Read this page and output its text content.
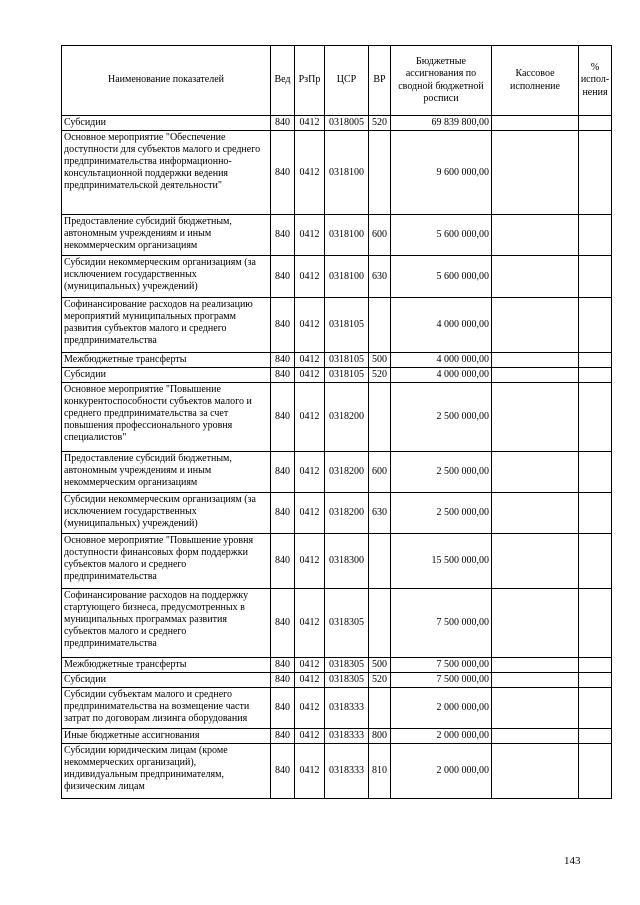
Наименование показателей	Вед	РзПр	ЦСР	ВР	Бюджетные ассигнования по сводной бюджетной росписи	Кассовое исполнение	% испол-нения
Субсидии	840	0412	0318005	520	69 839 800,00		
Основное мероприятие "Обеспечение доступности для субъектов малого и среднего предпринимательства информационно-консультационной поддержки ведения предпринимательской деятельности"	840	0412	0318100		9 600 000,00		
Предоставление субсидий бюджетным, автономным учреждениям и иным некоммерческим организациям	840	0412	0318100	600	5 600 000,00		
Субсидии некоммерческим организациям (за исключением государственных (муниципальных) учреждений)	840	0412	0318100	630	5 600 000,00		
Софинансирование расходов на реализацию мероприятий муниципальных программ развития субъектов малого и среднего предпринимательства	840	0412	0318105		4 000 000,00		
Межбюджетные трансферты	840	0412	0318105	500	4 000 000,00		
Субсидии	840	0412	0318105	520	4 000 000,00		
Основное мероприятие "Повышение конкурентоспособности субъектов малого и среднего предпринимательства за счет повышения профессионального уровня специалистов"	840	0412	0318200		2 500 000,00		
Предоставление субсидий бюджетным, автономным учреждениям и иным некоммерческим организациям	840	0412	0318200	600	2 500 000,00		
Субсидии некоммерческим организациям (за исключением государственных (муниципальных) учреждений)	840	0412	0318200	630	2 500 000,00		
Основное мероприятие "Повышение уровня доступности финансовых форм поддержки субъектов малого и среднего предпринимательства	840	0412	0318300		15 500 000,00		
Софинансирование расходов на поддержку стартующего бизнеса, предусмотренных в муниципальных программах развития субъектов малого и среднего предпринимательства	840	0412	0318305		7 500 000,00		
Межбюджетные трансферты	840	0412	0318305	500	7 500 000,00		
Субсидии	840	0412	0318305	520	7 500 000,00		
Субсидии субъектам малого и среднего предпринимательства на возмещение части затрат по договорам лизинга оборудования	840	0412	0318333		2 000 000,00		
Иные бюджетные ассигнования	840	0412	0318333	800	2 000 000,00		
Субсидии юридическим лицам (кроме некоммерческих организаций), индивидуальным предпринимателям, физическим лицам	840	0412	0318333	810	2 000 000,00		
143
